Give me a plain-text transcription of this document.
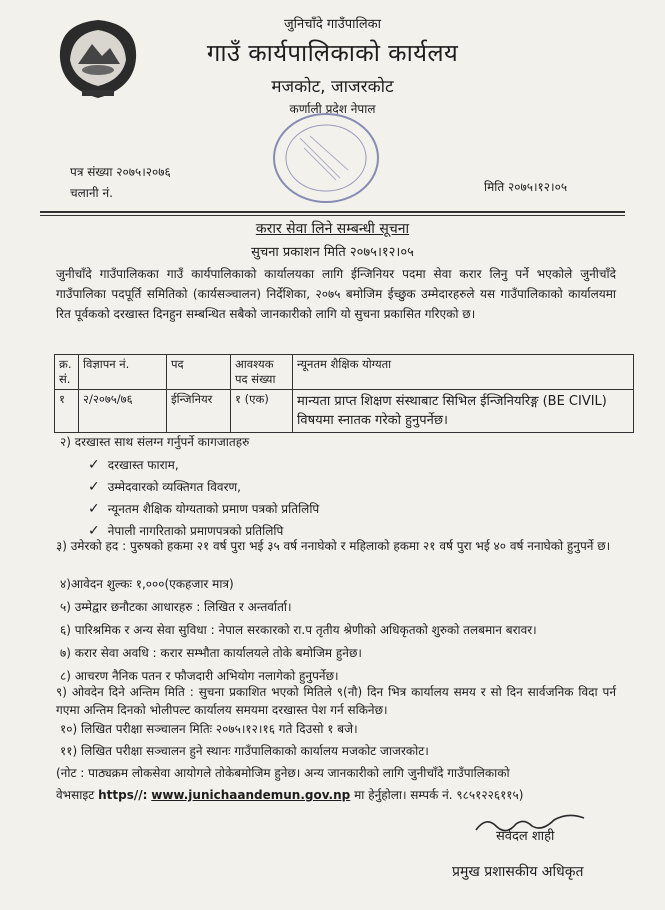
जुनिचाँदे गाउँपालिका
गाउँ कार्यपालिकाको कार्यलय
मजकोट, जाजरकोट
कर्णाली प्रदेश नेपाल
पत्र संख्या २०७५।२०७६
चलानी नं.	मिति २०७५।१२।०५
करार सेवा लिने सम्बन्धी सूचना
सुचना प्रकाशन मिति २०७५।१२।०५
जुनीचाँदे गाउँपालिकका गाउँ कार्यपालिकाको कार्यालयका लागि ईन्जिनियर पदमा सेवा करार लिनु पर्ने भएकोले जुनीचाँदे गाउँपालिका पदपूर्ति समितिको (कार्यसञ्चालन) निर्देशिका, २०७५ बमोजिम ईच्छुक उम्मेदारहरुले यस गाउँपालिकाको कार्यालयमा रित पूर्वकको दरखास्त दिनहुन सम्बन्धित सबैको जानकारीको लागि यो सुचना प्रकासित गरिएको छ।
क्र. सं.	विज्ञापन नं.	पद	आवश्यक पद संख्या	न्यूनतम शैक्षिक योग्यता
१	२/२०७५/७६	ईन्जिनियर	१ (एक)	मान्यता प्राप्त शिक्षण संस्थाबाट सिभिल ईन्जिनियरिङ्ग (BE CIVIL) विषयमा स्नातक गरेको हुनुपर्नेछ।
२) दरखास्त साथ संलग्न गर्नुपर्ने कागजातहरु
✓ दरखास्त फाराम,
✓ उम्मेदवारको व्यक्तिगत विवरण,
✓ न्यूनतम शैक्षिक योग्यताको प्रमाण पत्रको प्रतिलिपि
✓ नेपाली नागरिताको प्रमाणपत्रको प्रतिलिपि
३) उमेरको हद : पुरुषको हकमा २१ वर्ष पुरा भई ३५ वर्ष ननाघेको र महिलाको हकमा २१ वर्ष पुरा भई ४० वर्ष ननाघेको हुनुपर्ने छ।
४)आवेदन शुल्कः १,०००(एकहजार मात्र)
५) उम्मेद्वार छनौटका आधारहरु : लिखित र अन्तर्वार्ता।
६) पारिश्रमिक र अन्य सेवा सुविधा : नेपाल सरकारको रा.प तृतीय श्रेणीको अधिकृतको शुरुको तलबमान बरावर।
७) करार सेवा अवधि : करार सम्भौता कार्यालयले तोके बमोजिम हुनेछ।
८) आचरण नैनिक पतन र फौजदारी अभियोग नलागेको हुनुपर्नेछ।
९) ओवदेन दिने अन्तिम मिति : सुचना प्रकाशित भएको मितिले ९(नौ) दिन भित्र कार्यालय समय र सो दिन सार्वजनिक विदा पर्न गएमा अन्तिम दिनको भोलीपल्ट कार्यालय समयमा दरखास्त पेश गर्न सकिनेछ।
१०) लिखित परीक्षा सञ्चालन मितिः २०७५।१२।१६ गते दिउसो १ बजे।
११) लिखित परीक्षा सञ्चालन हुने स्थानः गाउँपालिकाको कार्यालय मजकोट जाजरकोट।
(नोट : पाठ्यक्रम लोकसेवा आयोगले तोकेबमोजिम हुनेछ। अन्य जानकारीको लागि जुनीचाँदे गाउँपालिकाको
वेभसाइट https//: www.junichaandemun.gov.np मा हेर्नुहोला। सम्पर्क नं. ९८५१२२६११५)
सर्वदल शाही
प्रमुख प्रशासकीय अधिकृत
